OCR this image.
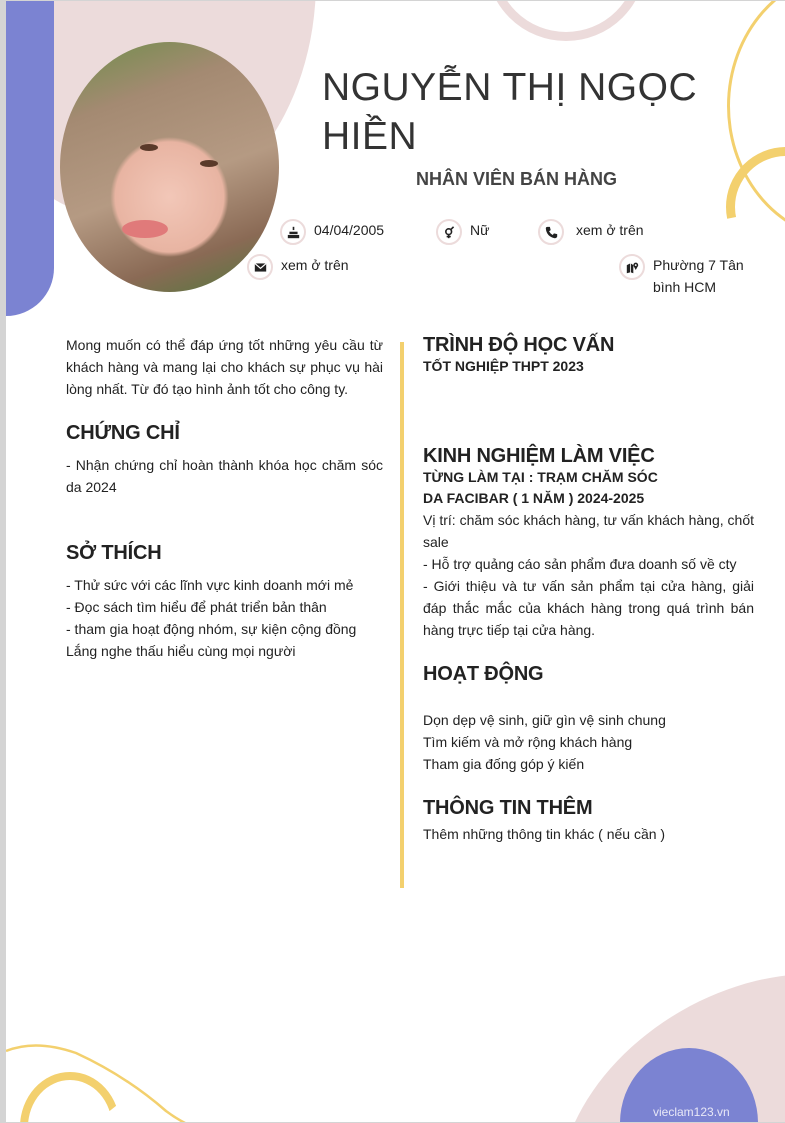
NGUYỄN THỊ NGỌC HIỀN
NHÂN VIÊN BÁN HÀNG
04/04/2005	Nữ	xem ở trên
xem ở trên	Phường 7 Tân bình HCM
Mong muốn có thể đáp ứng tốt những yêu cầu từ khách hàng và mang lại cho khách sự phục vụ hài lòng nhất. Từ đó tạo hình ảnh tốt cho công ty.
CHỨNG CHỈ
- Nhận chứng chỉ hoàn thành khóa học chăm sóc da 2024
SỞ THÍCH
- Thử sức với các lĩnh vực kinh doanh mới mẻ
- Đọc sách tìm hiểu để phát triển bản thân
- tham gia hoạt động nhóm, sự kiện cộng đồng
Lắng nghe thấu hiểu cùng mọi người
TRÌNH ĐỘ HỌC VẤN
TỐT NGHIỆP THPT 2023
KINH NGHIỆM LÀM VIỆC
TỪNG LÀM TẠI : TRẠM CHĂM SÓC
DA FACIBAR ( 1 NĂM ) 2024-2025
Vị trí: chăm sóc khách hàng, tư vấn khách hàng, chốt sale
- Hỗ trợ quảng cáo sản phẩm đưa doanh số về cty
- Giới thiệu và tư vấn sản phẩm tại cửa hàng, giải đáp thắc mắc của khách hàng trong quá trình bán hàng trực tiếp tại cửa hàng.
HOẠT ĐỘNG
Dọn dẹp vệ sinh, giữ gìn vệ sinh chung
Tìm kiếm và mở rộng khách hàng
Tham gia đống góp ý kiến
THÔNG TIN THÊM
Thêm những thông tin khác ( nếu cần )
vieclam123.vn
